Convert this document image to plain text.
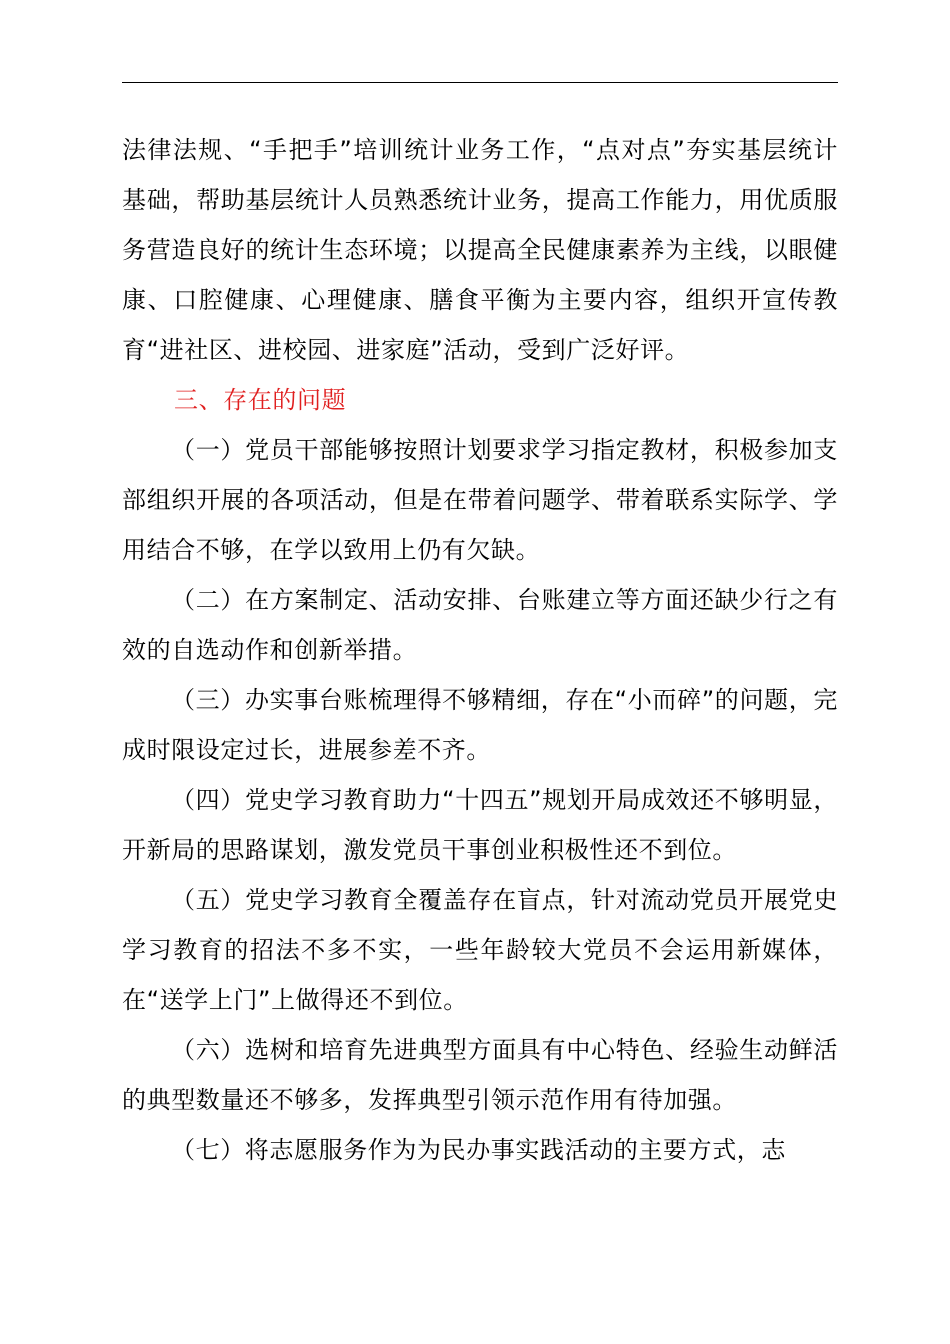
法律法规、“手把手”培训统计业务工作，“点对点”夯实基层统计基础，帮助基层统计人员熟悉统计业务，提高工作能力，用优质服务营造良好的统计生态环境；以提高全民健康素养为主线，以眼健康、口腔健康、心理健康、膳食平衡为主要内容，组织开宣传教育“进社区、进校园、进家庭”活动，受到广泛好评。

三、存在的问题

（一）党员干部能够按照计划要求学习指定教材，积极参加支部组织开展的各项活动，但是在带着问题学、带着联系实际学、学用结合不够，在学以致用上仍有欠缺。

（二）在方案制定、活动安排、台账建立等方面还缺少行之有效的自选动作和创新举措。

（三）办实事台账梳理得不够精细，存在“小而碎”的问题，完成时限设定过长，进展参差不齐。

（四）党史学习教育助力“十四五”规划开局成效还不够明显，开新局的思路谋划，激发党员干事创业积极性还不到位。

（五）党史学习教育全覆盖存在盲点，针对流动党员开展党史学习教育的招法不多不实，一些年龄较大党员不会运用新媒体，在“送学上门”上做得还不到位。

（六）选树和培育先进典型方面具有中心特色、经验生动鲜活的典型数量还不够多，发挥典型引领示范作用有待加强。

（七）将志愿服务作为为民办事实践活动的主要方式，志
